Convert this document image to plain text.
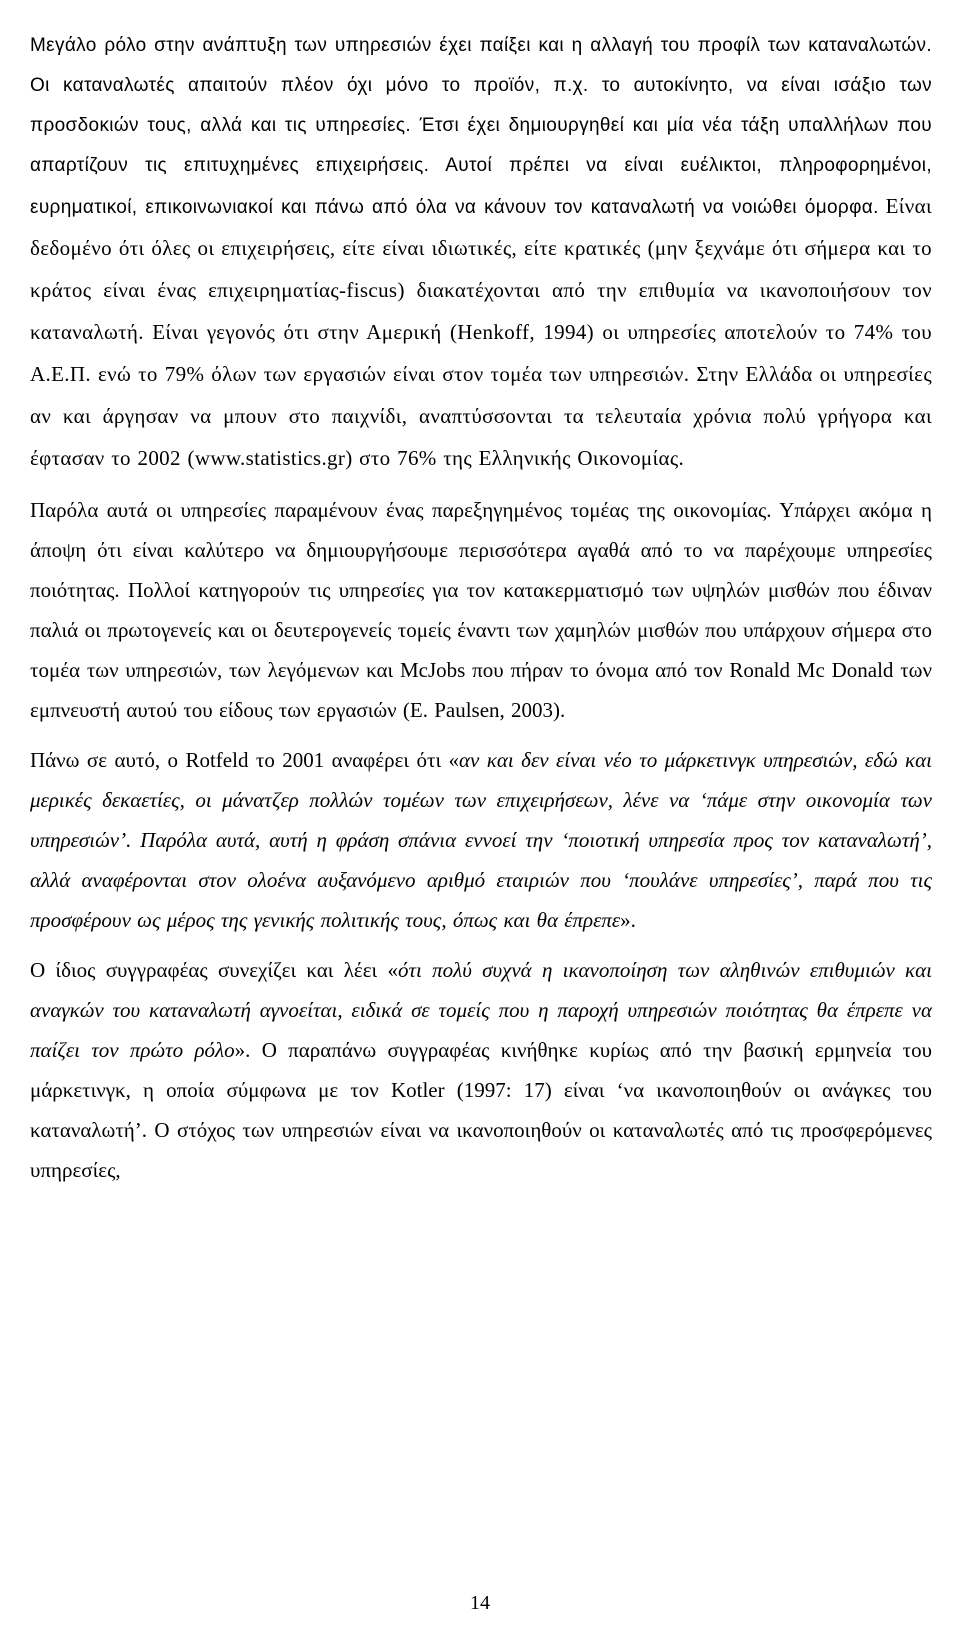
Μεγάλο ρόλο στην ανάπτυξη των υπηρεσιών έχει παίξει και η αλλαγή του προφίλ των καταναλωτών. Οι καταναλωτές απαιτούν πλέον όχι μόνο το προϊόν, π.χ. το αυτοκίνητο, να είναι ισάξιο των προσδοκιών τους, αλλά και τις υπηρεσίες. Έτσι έχει δημιουργηθεί και μία νέα τάξη υπαλλήλων που απαρτίζουν τις επιτυχημένες επιχειρήσεις. Αυτοί πρέπει να είναι ευέλικτοι, πληροφορημένοι, ευρηματικοί, επικοινωνιακοί και πάνω από όλα να κάνουν τον καταναλωτή να νοιώθει όμορφα. Είναι δεδομένο ότι όλες οι επιχειρήσεις, είτε είναι ιδιωτικές, είτε κρατικές (μην ξεχνάμε ότι σήμερα και το κράτος είναι ένας επιχειρηματίας-fiscus) διακατέχονται από την επιθυμία να ικανοποιήσουν τον καταναλωτή. Είναι γεγονός ότι στην Αμερική (Henkoff, 1994) οι υπηρεσίες αποτελούν το 74% του Α.Ε.Π. ενώ το 79% όλων των εργασιών είναι στον τομέα των υπηρεσιών. Στην Ελλάδα οι υπηρεσίες αν και άργησαν να μπουν στο παιχνίδι, αναπτύσσονται τα τελευταία χρόνια πολύ γρήγορα και έφτασαν το 2002 (www.statistics.gr) στο 76% της Ελληνικής Οικονομίας.

Παρόλα αυτά οι υπηρεσίες παραμένουν ένας παρεξηγημένος τομέας της οικονομίας. Υπάρχει ακόμα η άποψη ότι είναι καλύτερο να δημιουργήσουμε περισσότερα αγαθά από το να παρέχουμε υπηρεσίες ποιότητας. Πολλοί κατηγορούν τις υπηρεσίες για τον κατακερματισμό των υψηλών μισθών που έδιναν παλιά οι πρωτογενείς και οι δευτερογενείς τομείς έναντι των χαμηλών μισθών που υπάρχουν σήμερα στο τομέα των υπηρεσιών, των λεγόμενων και McJobs που πήραν το όνομα από τον Ronald Mc Donald των εμπνευστή αυτού του είδους των εργασιών (E. Paulsen, 2003).

Πάνω σε αυτό, ο Rotfeld το 2001 αναφέρει ότι «αν και δεν είναι νέο το μάρκετινγκ υπηρεσιών, εδώ και μερικές δεκαετίες, οι μάνατζερ πολλών τομέων των επιχειρήσεων, λένε να ‘πάμε στην οικονομία των υπηρεσιών’. Παρόλα αυτά, αυτή η φράση σπάνια εννοεί την ‘ποιοτική υπηρεσία προς τον καταναλωτή’, αλλά αναφέρονται στον ολοένα αυξανόμενο αριθμό εταιριών που ‘πουλάνε υπηρεσίες’, παρά που τις προσφέρουν ως μέρος της γενικής πολιτικής τους, όπως και θα έπρεπε».

Ο ίδιος συγγραφέας συνεχίζει και λέει «ότι πολύ συχνά η ικανοποίηση των αληθινών επιθυμιών και αναγκών του καταναλωτή αγνοείται, ειδικά σε τομείς που η παροχή υπηρεσιών ποιότητας θα έπρεπε να παίζει τον πρώτο ρόλο». Ο παραπάνω συγγραφέας κινήθηκε κυρίως από την βασική ερμηνεία του μάρκετινγκ, η οποία σύμφωνα με τον Kotler (1997: 17) είναι ‘να ικανοποιηθούν οι ανάγκες του καταναλωτή’. Ο στόχος των υπηρεσιών είναι να ικανοποιηθούν οι καταναλωτές από τις προσφερόμενες υπηρεσίες,

14
